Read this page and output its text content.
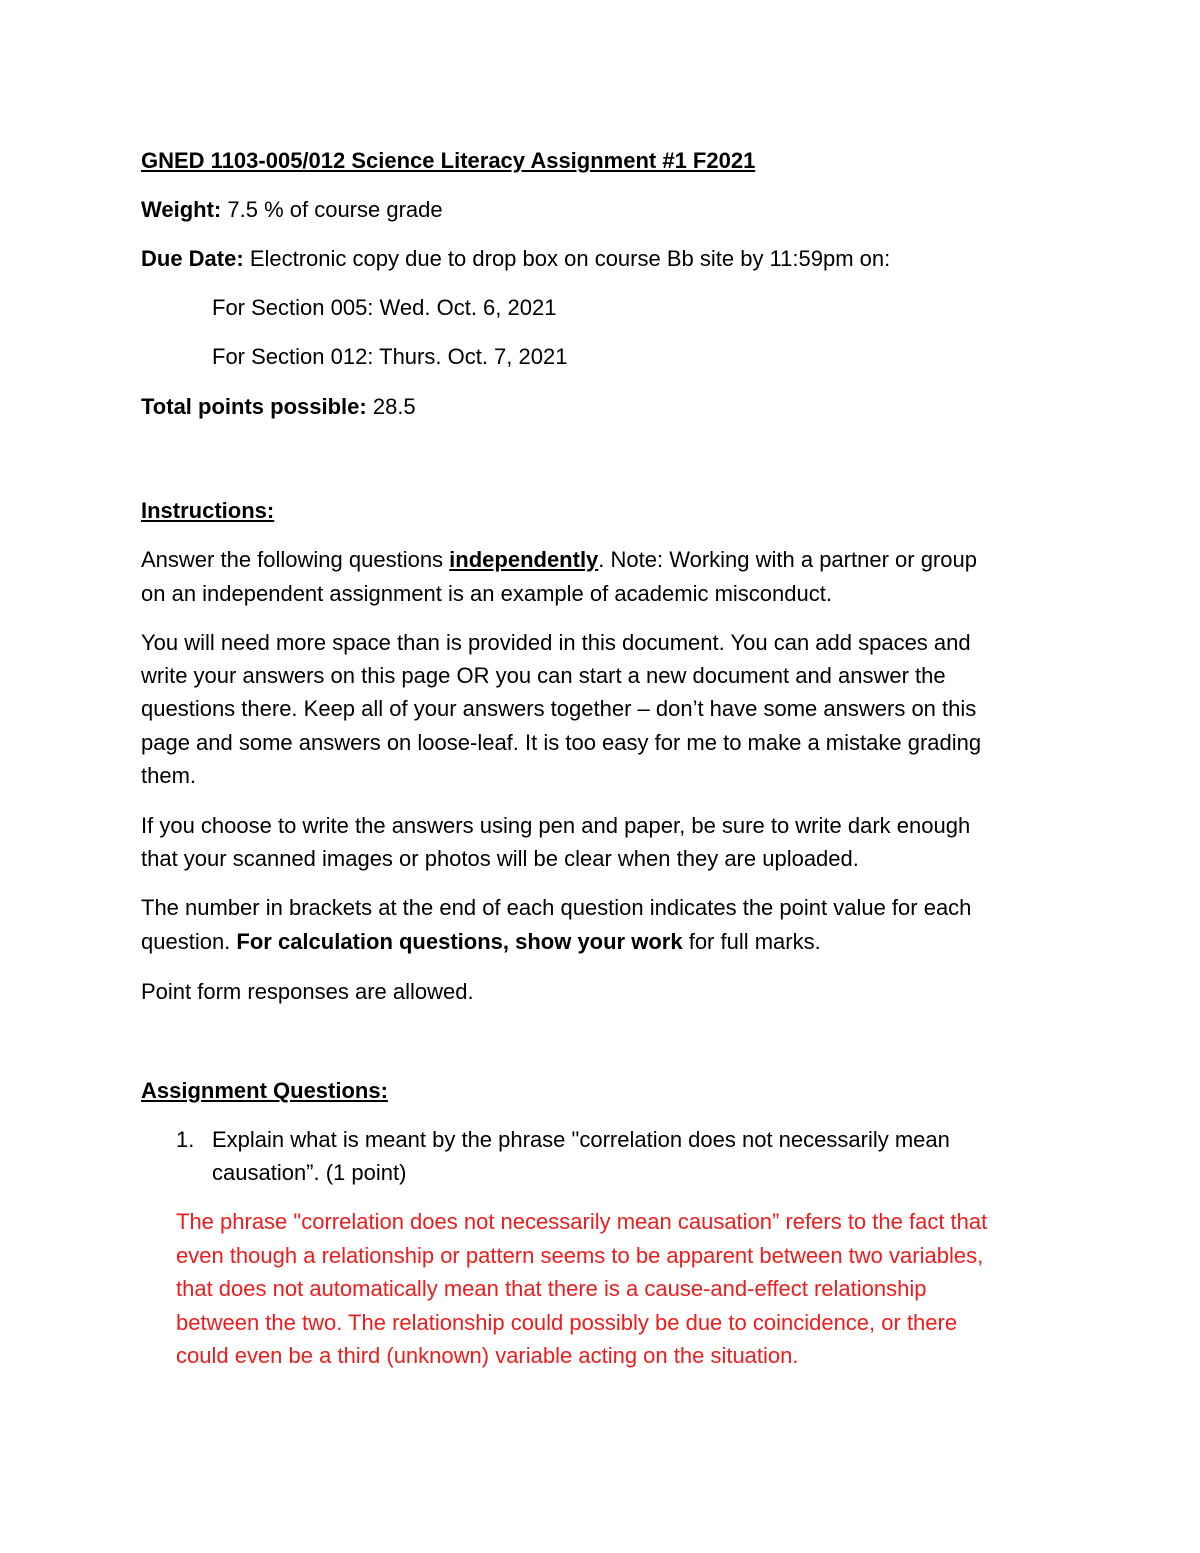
GNED 1103-005/012 Science Literacy Assignment #1 F2021
Weight: 7.5 % of course grade
Due Date: Electronic copy due to drop box on course Bb site by 11:59pm on:
For Section 005: Wed. Oct. 6, 2021
For Section 012: Thurs. Oct. 7, 2021
Total points possible: 28.5
Instructions:
Answer the following questions independently. Note: Working with a partner or group
on an independent assignment is an example of academic misconduct.
You will need more space than is provided in this document. You can add spaces and
write your answers on this page OR you can start a new document and answer the
questions there. Keep all of your answers together – don’t have some answers on this
page and some answers on loose-leaf. It is too easy for me to make a mistake grading
them.
If you choose to write the answers using pen and paper, be sure to write dark enough
that your scanned images or photos will be clear when they are uploaded.
The number in brackets at the end of each question indicates the point value for each
question. For calculation questions, show your work for full marks.
Point form responses are allowed.
Assignment Questions:
1. Explain what is meant by the phrase "correlation does not necessarily mean
causation”. (1 point)
The phrase "correlation does not necessarily mean causation” refers to the fact that
even though a relationship or pattern seems to be apparent between two variables,
that does not automatically mean that there is a cause-and-effect relationship
between the two. The relationship could possibly be due to coincidence, or there
could even be a third (unknown) variable acting on the situation.
